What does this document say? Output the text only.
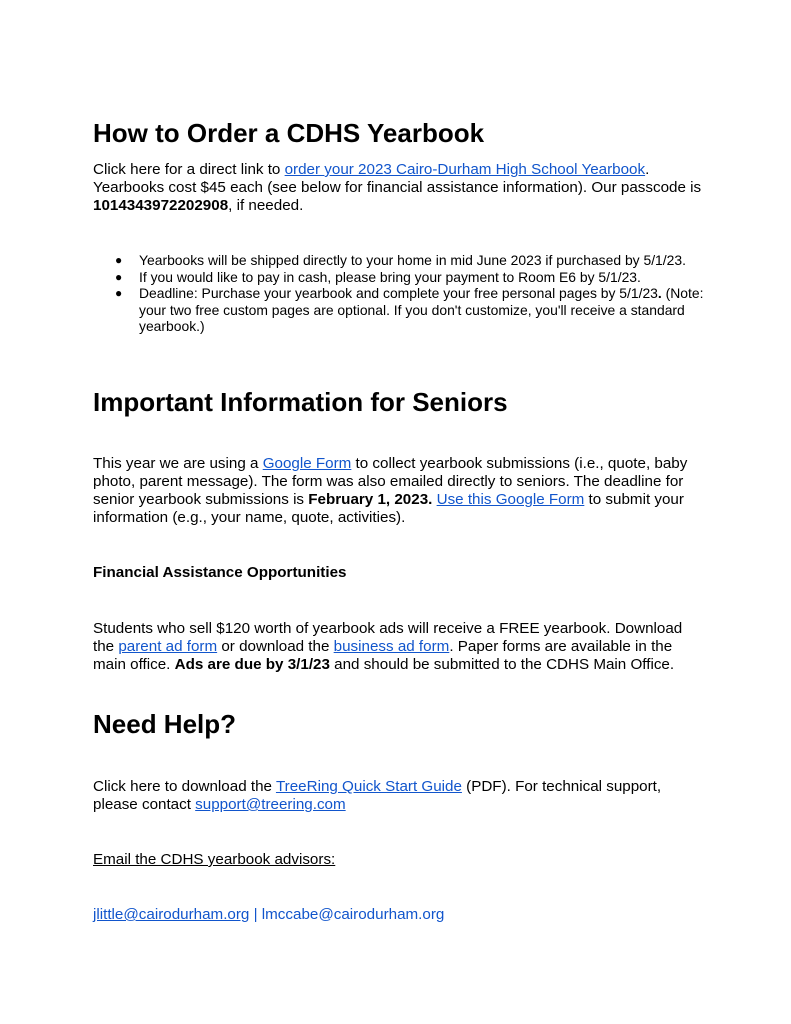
How to Order a CDHS Yearbook

Click here for a direct link to order your 2023 Cairo-Durham High School Yearbook. Yearbooks cost $45 each (see below for financial assistance information). Our passcode is 1014343972202908, if needed.

● Yearbooks will be shipped directly to your home in mid June 2023 if purchased by 5/1/23.
● If you would like to pay in cash, please bring your payment to Room E6 by 5/1/23.
● Deadline: Purchase your yearbook and complete your free personal pages by 5/1/23. (Note: your two free custom pages are optional. If you don't customize, you'll receive a standard yearbook.)
Important Information for Seniors

This year we are using a Google Form to collect yearbook submissions (i.e., quote, baby photo, parent message). The form was also emailed directly to seniors. The deadline for senior yearbook submissions is February 1, 2023. Use this Google Form to submit your information (e.g., your name, quote, activities).

Financial Assistance Opportunities

Students who sell $120 worth of yearbook ads will receive a FREE yearbook. Download the parent ad form or download the business ad form. Paper forms are available in the main office. Ads are due by 3/1/23 and should be submitted to the CDHS Main Office.

Need Help?

Click here to download the TreeRing Quick Start Guide (PDF). For technical support, please contact support@treering.com

Email the CDHS yearbook advisors:

jlittle@cairodurham.org | lmccabe@cairodurham.org
